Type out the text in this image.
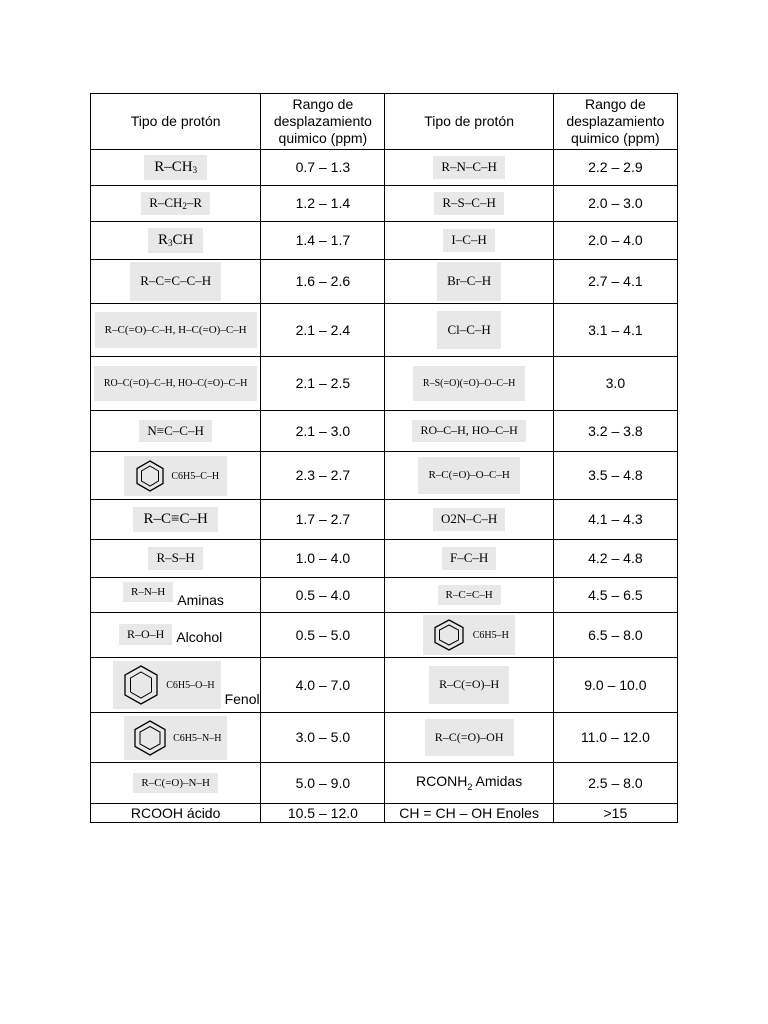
Tipo de protón	Rango de desplazamiento quimico (ppm)	Tipo de protón	Rango de desplazamiento quimico (ppm)
$R-CH_3$	0.7 – 1.3	R–N–C–H	2.2 – 2.9
$R-CH_2-R$	1.2 – 1.4	R–S–C–H	2.0 – 3.0
$R_3CH$	1.4 – 1.7	I–C–H	2.0 – 4.0
R–C=C–C–H	1.6 – 2.6	Br–C–H	2.7 – 4.1
R–C(=O)–C–H, H–C(=O)–C–H	2.1 – 2.4	Cl–C–H	3.1 – 4.1
RO–C(=O)–C–H, HO–C(=O)–C–H	2.1 – 2.5	R–S(=O)(=O)–O–C–H	3.0
N≡C–C–H	2.1 – 3.0	RO–C–H, HO–C–H	3.2 – 3.8
C6H5–C–H	2.3 – 2.7	R–C(=O)–O–C–H	3.5 – 4.8
R–C≡C–H	1.7 – 2.7	O2N–C–H	4.1 – 4.3
R–S–H	1.0 – 4.0	F–C–H	4.2 – 4.8
R–N–H Aminas	0.5 – 4.0	R–C=C–H	4.5 – 6.5
R–O–H Alcohol	0.5 – 5.0	C6H5–H	6.5 – 8.0
C6H5–O–HFenol	4.0 – 7.0	R–C(=O)–H	9.0 – 10.0
C6H5–N–H	3.0 – 5.0	R–C(=O)–OH	11.0 – 12.0
R–C(=O)–N–H	5.0 – 9.0	$RCONH_2$ Amidas	2.5 – 8.0
RCOOH ácido	10.5 – 12.0	CH = CH – OH Enoles	>15
